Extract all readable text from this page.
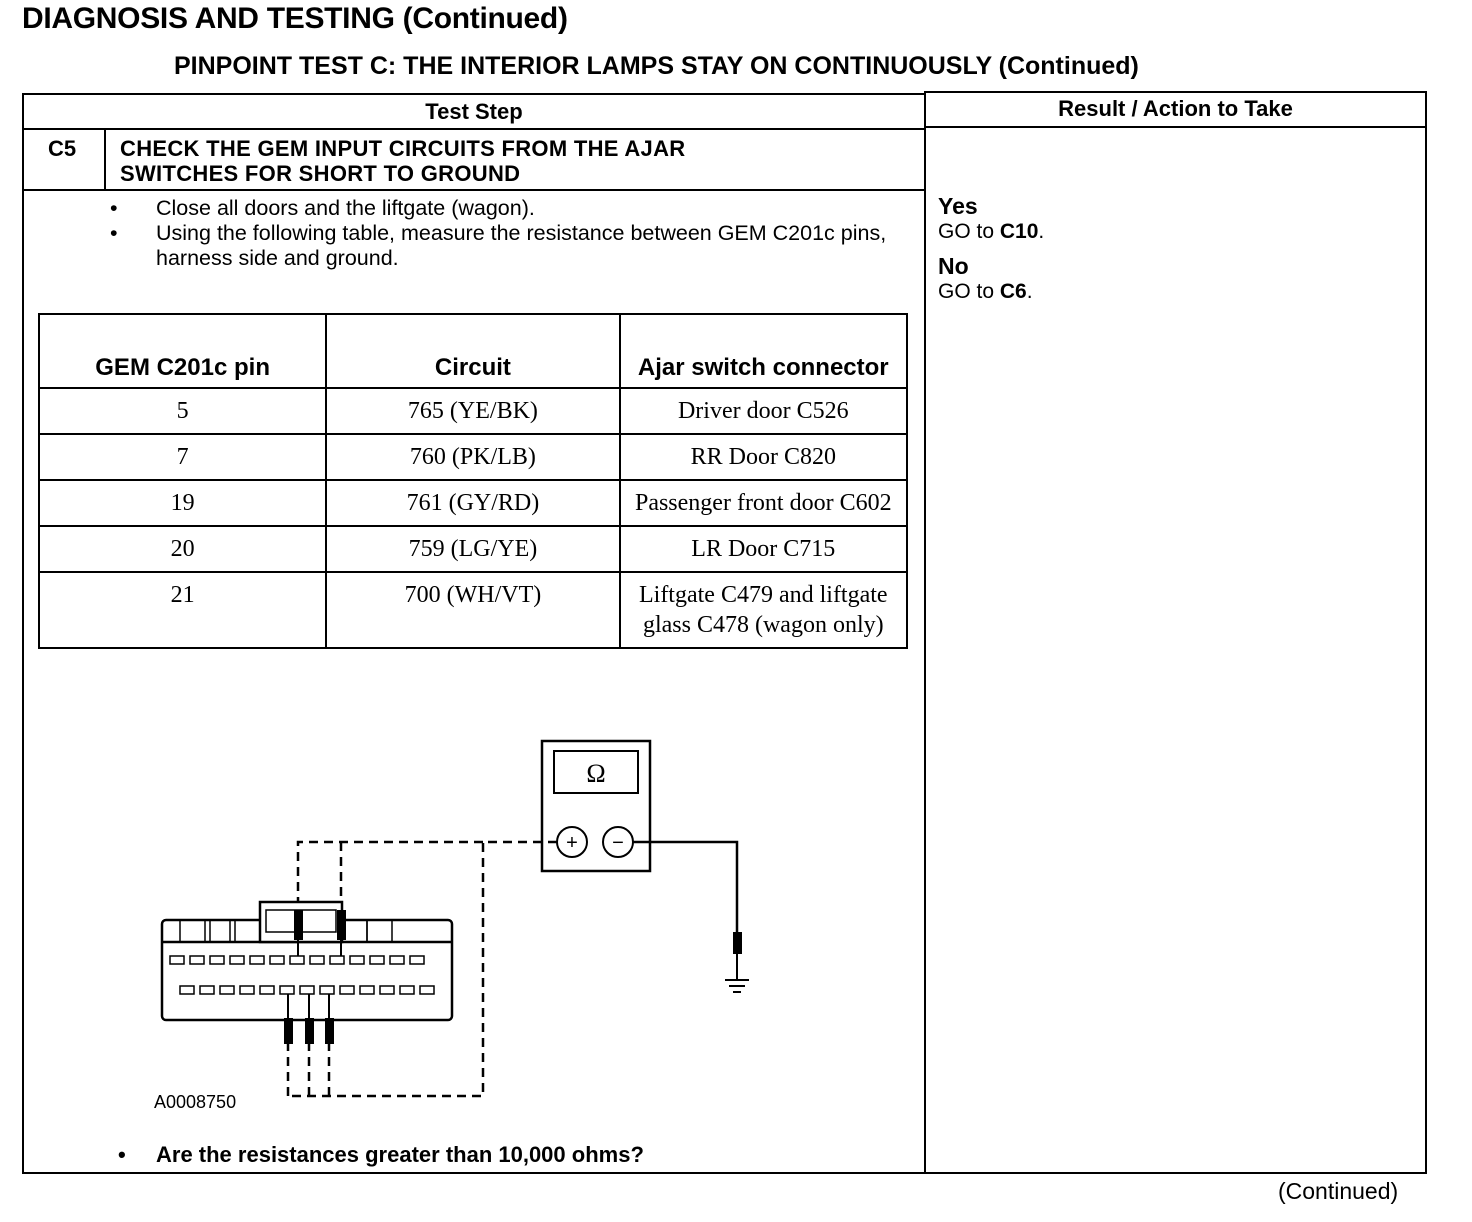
DIAGNOSIS AND TESTING (Continued)
PINPOINT TEST C: THE INTERIOR LAMPS STAY ON CONTINUOUSLY (Continued)
Test Step	Result / Action to Take
C5 CHECK THE GEM INPUT CIRCUITS FROM THE AJAR
SWITCHES FOR SHORT TO GROUND
•	Close all doors and the liftgate (wagon).
•	Using the following table, measure the resistance between GEM C201c pins, harness side and ground.
GEM C201c pin	Circuit	Ajar switch connector
5	765 (YE/BK)	Driver door C526
7	760 (PK/LB)	RR Door C820
19	761 (GY/RD)	Passenger front door C602
20	759 (LG/YE)	LR Door C715
21	700 (WH/VT)	Liftgate C479 and liftgate glass C478 (wagon only)
Ω
+ −
A0008750
• Are the resistances greater than 10,000 ohms?
Yes
GO to C10.
No
GO to C6.
(Continued)
